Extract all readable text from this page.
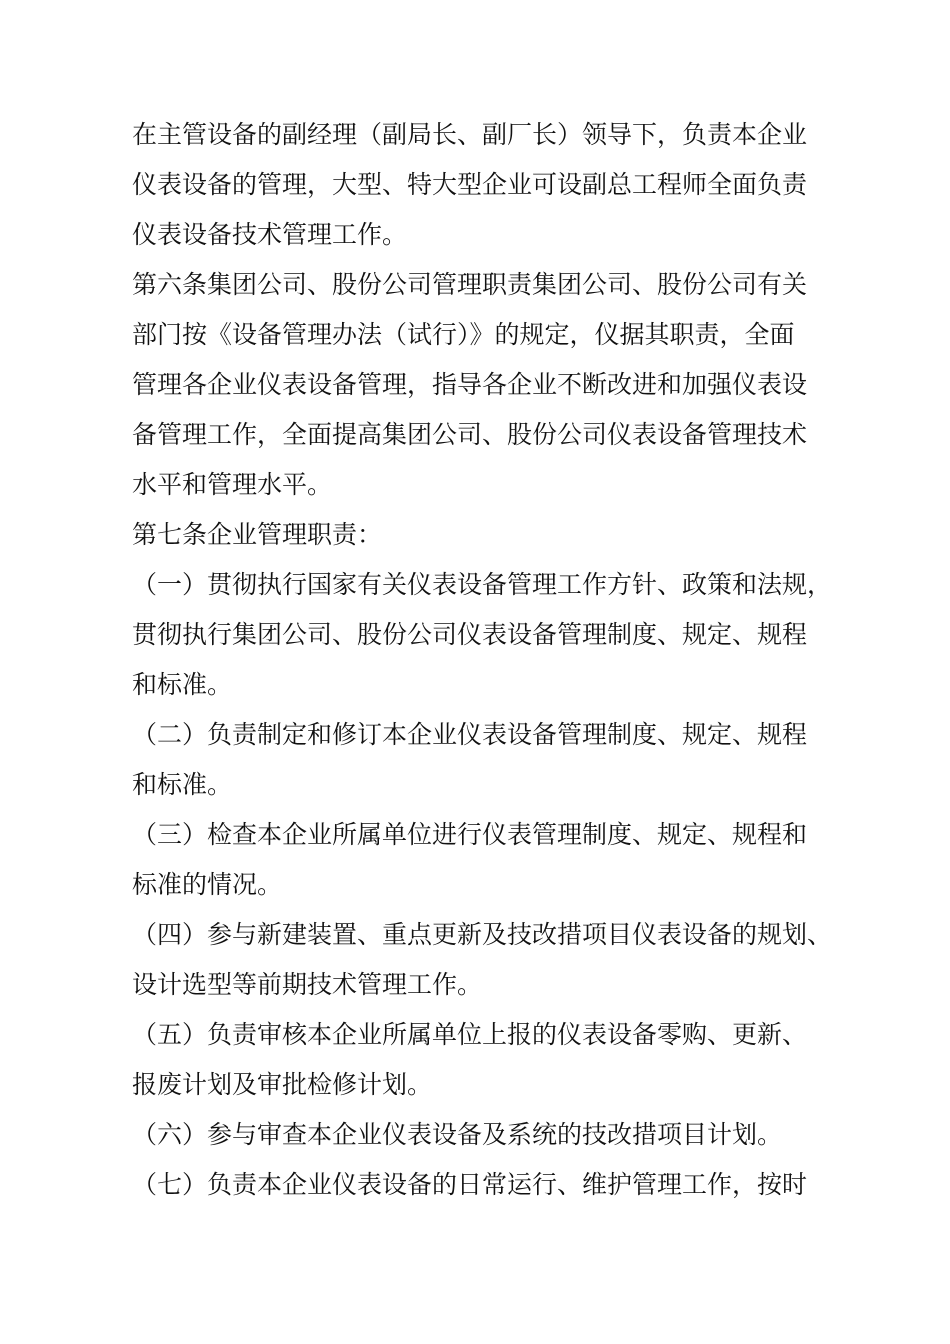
在主管设备的副经理（副局长、副厂长）领导下，负责本企业
仪表设备的管理，大型、特大型企业可设副总工程师全面负责
仪表设备技术管理工作。
第六条集团公司、股份公司管理职责集团公司、股份公司有关
部门按《设备管理办法（试行）》的规定，仪据其职责，全面
管理各企业仪表设备管理，指导各企业不断改进和加强仪表设
备管理工作，全面提高集团公司、股份公司仪表设备管理技术
水平和管理水平。
第七条企业管理职责：
（一）贯彻执行国家有关仪表设备管理工作方针、政策和法规，
贯彻执行集团公司、股份公司仪表设备管理制度、规定、规程
和标准。
（二）负责制定和修订本企业仪表设备管理制度、规定、规程
和标准。
（三）检查本企业所属单位进行仪表管理制度、规定、规程和
标准的情况。
（四）参与新建装置、重点更新及技改措项目仪表设备的规划、
设计选型等前期技术管理工作。
（五）负责审核本企业所属单位上报的仪表设备零购、更新、
报废计划及审批检修计划。
（六）参与审查本企业仪表设备及系统的技改措项目计划。
（七）负责本企业仪表设备的日常运行、维护管理工作，按时
